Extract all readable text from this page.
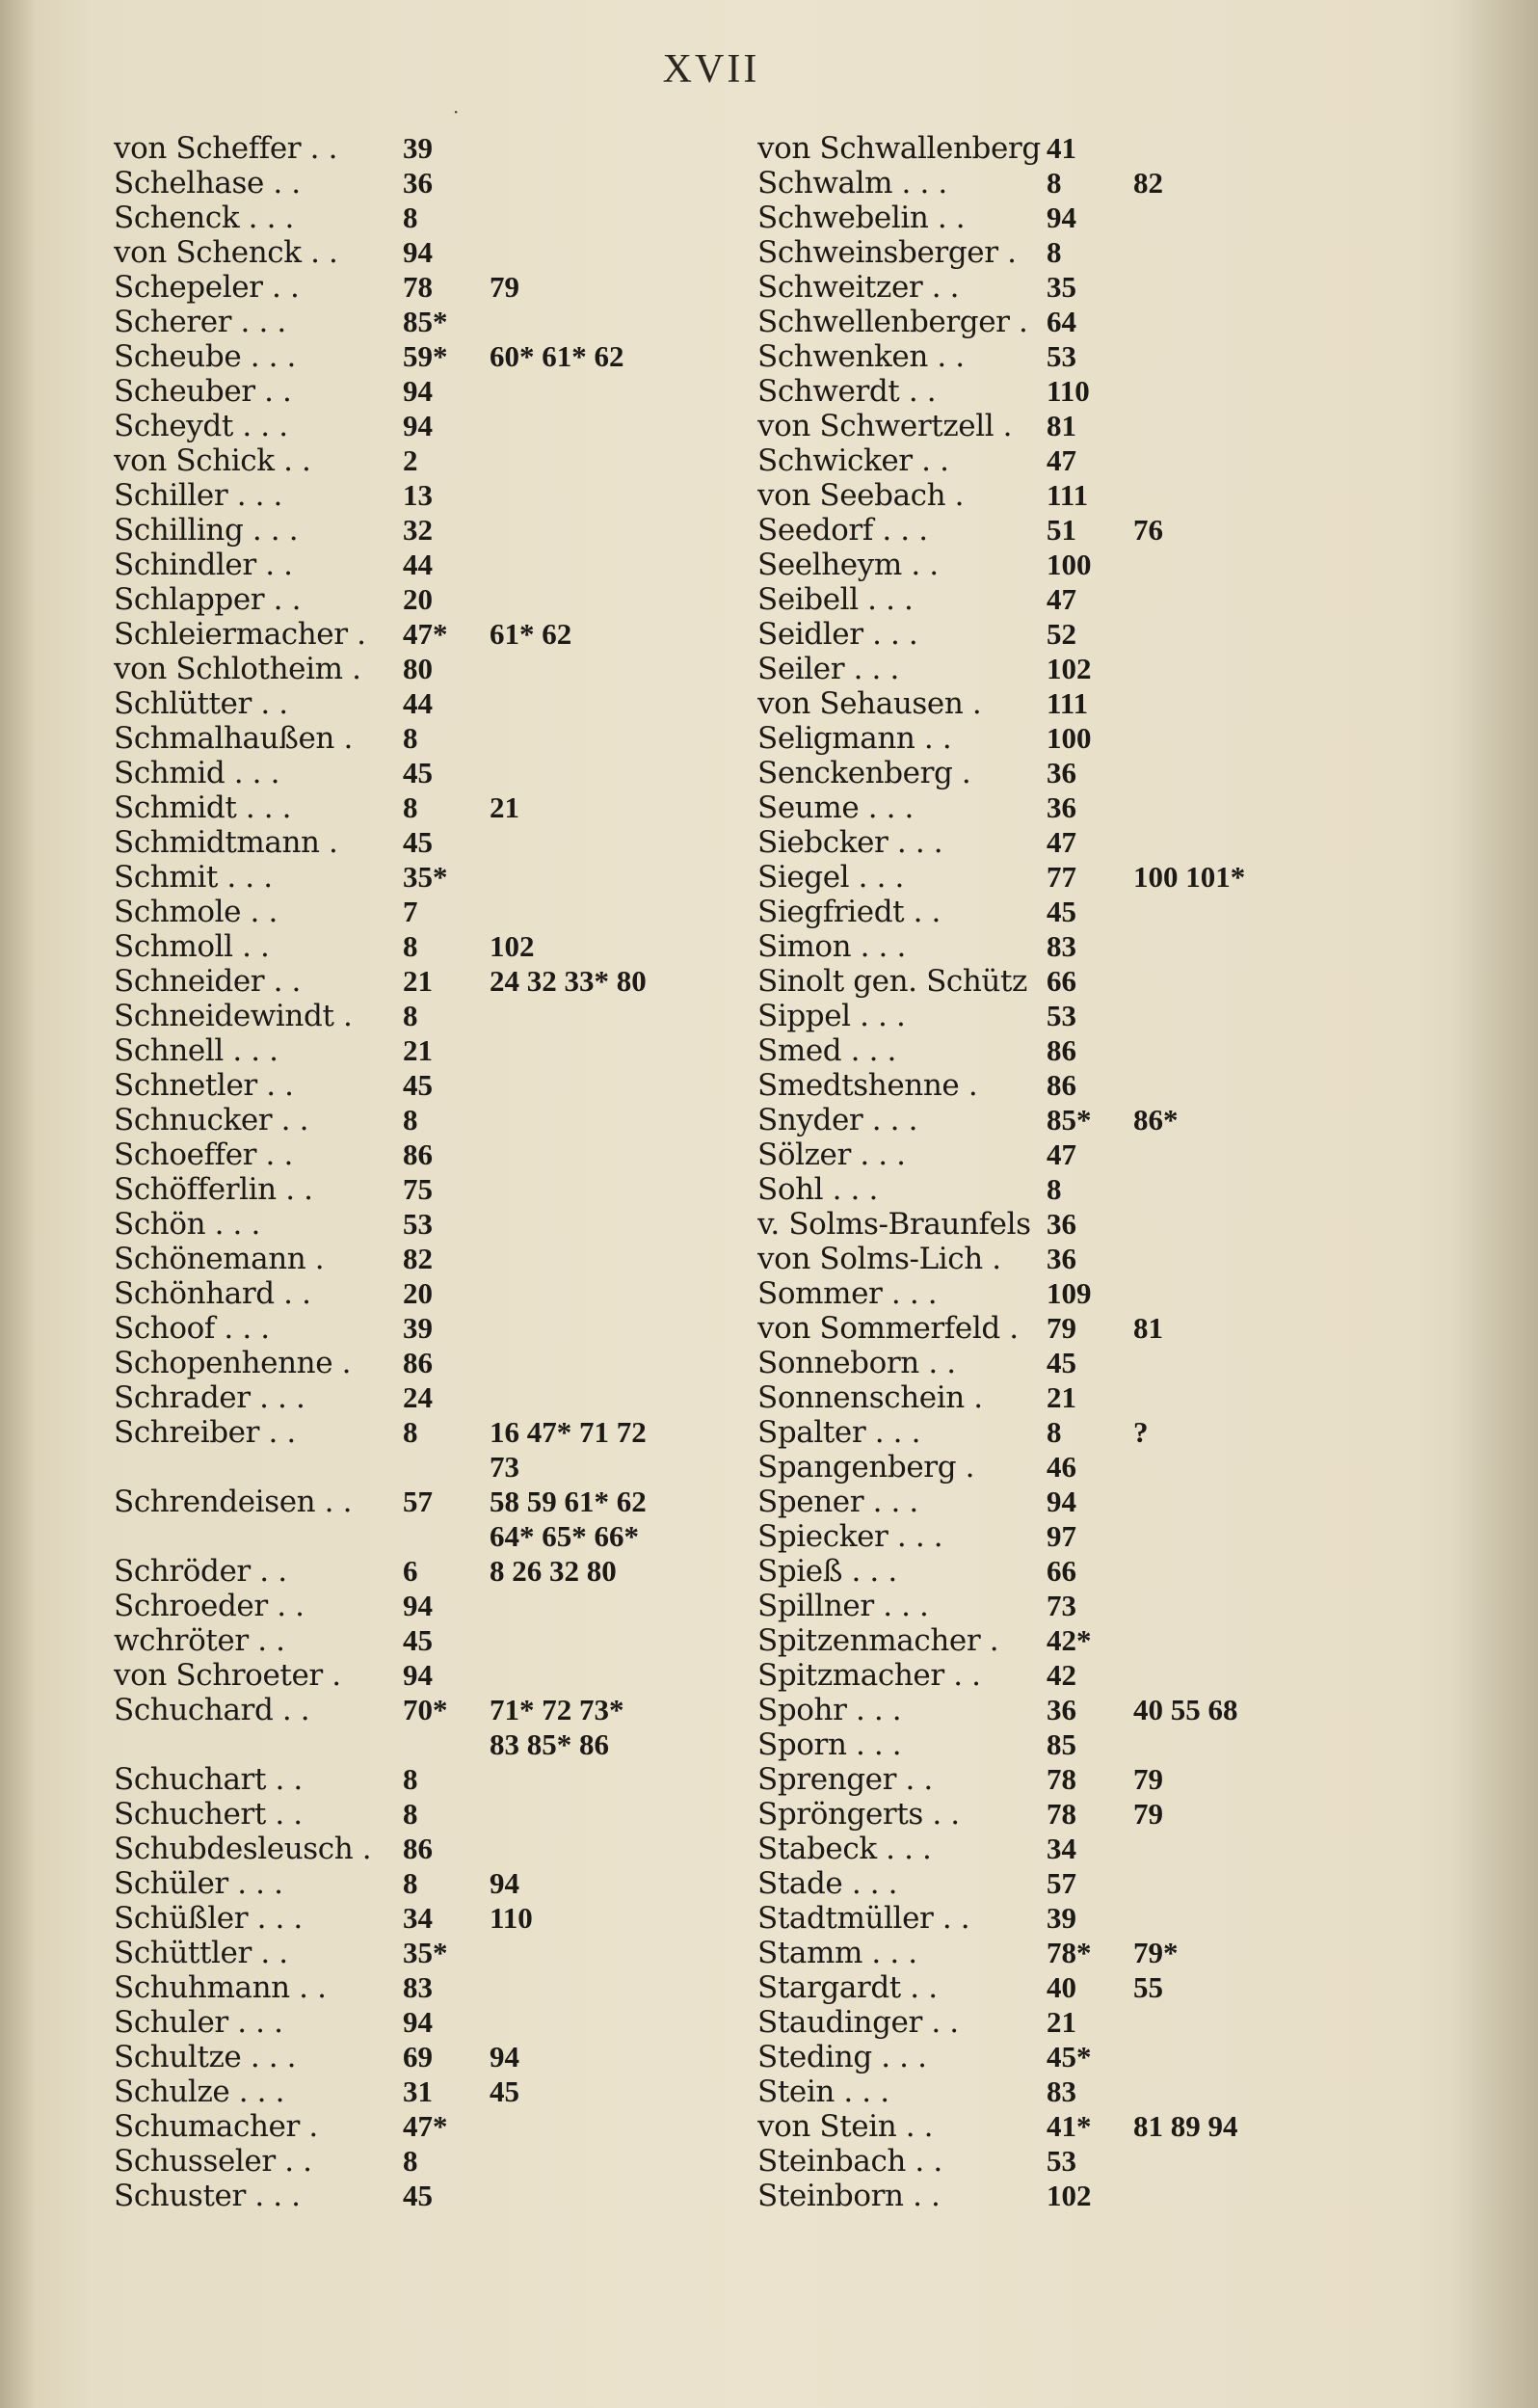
XVII
·
von Scheffer . .	39
Schelhase . .	36
Schenck . . .	8
von Schenck . .	94
Schepeler . .	78	79
Scherer . . .	85*
Scheube . . .	59*	60* 61* 62
Scheuber . .	94
Scheydt . . .	94
von Schick . .	2
Schiller . . .	13
Schilling . . .	32
Schindler . .	44
Schlapper . .	20
Schleiermacher .	47*	61* 62
von Schlotheim .	80
Schlütter . .	44
Schmalhaußen .	8
Schmid . . .	45
Schmidt . . .	8	21
Schmidtmann .	45
Schmit . . .	35*
Schmole . .	7
Schmoll . .	8	102
Schneider . .	21	24 32 33* 80
Schneidewindt .	8
Schnell . . .	21
Schnetler . .	45
Schnucker . .	8
Schoeffer . .	86
Schöfferlin . .	75
Schön . . .	53
Schönemann .	82
Schönhard . .	20
Schoof . . .	39
Schopenhenne .	86
Schrader . . .	24
Schreiber . .	8	16 47* 71 72
73
Schrendeisen . .	57	58 59 61* 62
64* 65* 66*
Schröder . .	6	8 26 32 80
Schroeder . .	94
wchröter . .	45
von Schroeter .	94
Schuchard . .	70*	71* 72 73*
83 85* 86
Schuchart . .	8
Schuchert . .	8
Schubdesleusch .	86
Schüler . . .	8	94
Schüßler . . .	34	110
Schüttler . .	35*
Schuhmann . .	83
Schuler . . .	94
Schultze . . .	69	94
Schulze . . .	31	45
Schumacher .	47*
Schusseler . .	8
Schuster . . .	45
von Schwallenberg 41
Schwalm . . .	8	82
Schwebelin . .	94
Schweinsberger .	8
Schweitzer . .	35
Schwellenberger . 64
Schwenken . .	53
Schwerdt . .	110
von Schwertzell .	81
Schwicker . .	47
von Seebach .	111
Seedorf . . .	51	76
Seelheym . .	100
Seibell . . .	47
Seidler . . .	52
Seiler . . .	102
von Sehausen .	111
Seligmann . .	100
Senckenberg .	36
Seume . . .	36
Siebcker . . .	47
Siegel . . .	77	100 101*
Siegfriedt . .	45
Simon . . .	83
Sinolt gen. Schütz 66
Sippel . . .	53
Smed . . .	86
Smedtshenne .	86
Snyder . . .	85*	86*
Sölzer . . .	47
Sohl . . .	8
v. Solms-Braunfels 36
von Solms-Lich .	36
Sommer . . .	109
von Sommerfeld . 79	81
Sonneborn . .	45
Sonnenschein .	21
Spalter . . .	8	?
Spangenberg .	46
Spener . . .	94
Spiecker . . .	97
Spieß . . .	66
Spillner . . .	73
Spitzenmacher .	42*
Spitzmacher . .	42
Spohr . . .	36	40 55 68
Sporn . . .	85
Sprenger . .	78	79
Spröngerts . .	78	79
Stabeck . . .	34
Stade . . .	57
Stadtmüller . .	39
Stamm . . .	78*	79*
Stargardt . .	40	55
Staudinger . .	21
Steding . . .	45*
Stein . . .	83
von Stein . .	41*	81 89 94
Steinbach . .	53
Steinborn . .	102
